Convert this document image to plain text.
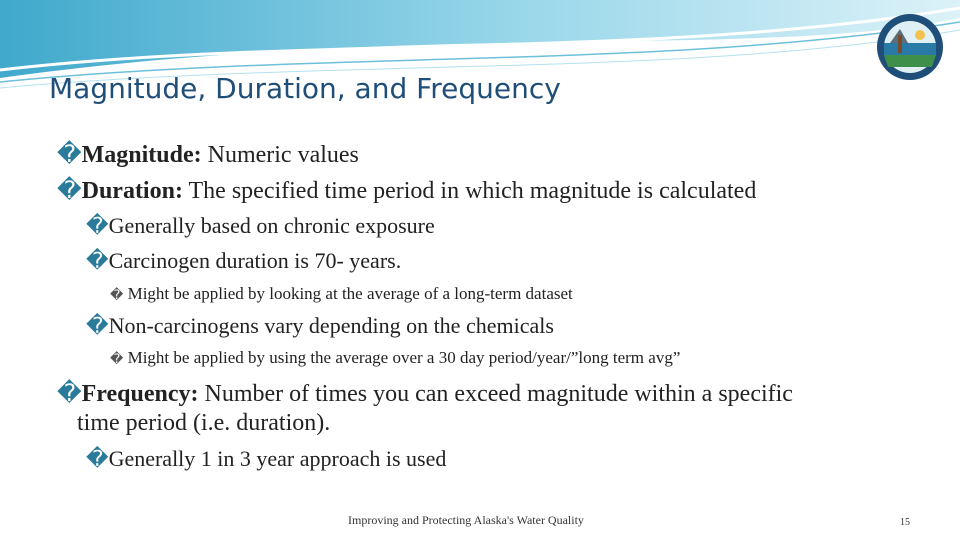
Magnitude, Duration, and Frequency
�Magnitude: Numeric values
�Duration: The specified time period in which magnitude is calculated
�Generally based on chronic exposure
�Carcinogen duration is 70- years.
� Might be applied by looking at the average of a long-term dataset
�Non-carcinogens vary depending on the chemicals
� Might be applied by using the average over a 30 day period/year/”long term avg”
�Frequency: Number of times you can exceed magnitude within a specific
time period (i.e. duration).
�Generally 1 in 3 year approach is used
Improving and Protecting Alaska's Water Quality	15
